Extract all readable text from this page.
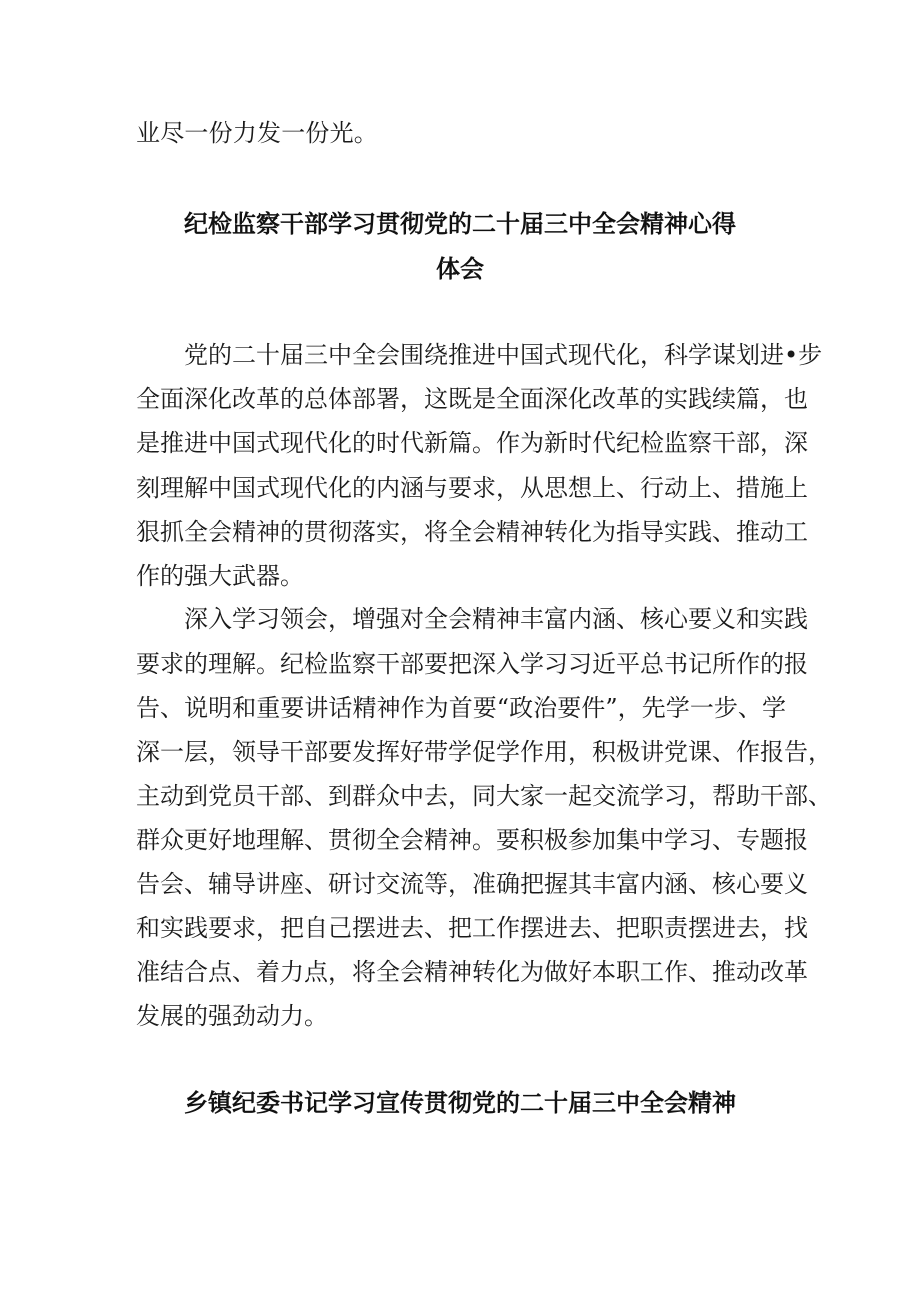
业尽一份力发一份光。
纪检监察干部学习贯彻党的二十届三中全会精神心得
体会
党的二十届三中全会围绕推进中国式现代化，科学谋划进•步
全面深化改革的总体部署，这既是全面深化改革的实践续篇，也
是推进中国式现代化的时代新篇。作为新时代纪检监察干部，深
刻理解中国式现代化的内涵与要求，从思想上、行动上、措施上
狠抓全会精神的贯彻落实，将全会精神转化为指导实践、推动工
作的强大武器。
深入学习领会，增强对全会精神丰富内涵、核心要义和实践
要求的理解。纪检监察干部要把深入学习习近平总书记所作的报
告、说明和重要讲话精神作为首要“政治要件”，先学一步、学
深一层，领导干部要发挥好带学促学作用，积极讲党课、作报告，
主动到党员干部、到群众中去，同大家一起交流学习，帮助干部、
群众更好地理解、贯彻全会精神。要积极参加集中学习、专题报
告会、辅导讲座、研讨交流等，准确把握其丰富内涵、核心要义
和实践要求，把自己摆进去、把工作摆进去、把职责摆进去，找
准结合点、着力点，将全会精神转化为做好本职工作、推动改革
发展的强劲动力。
乡镇纪委书记学习宣传贯彻党的二十届三中全会精神
